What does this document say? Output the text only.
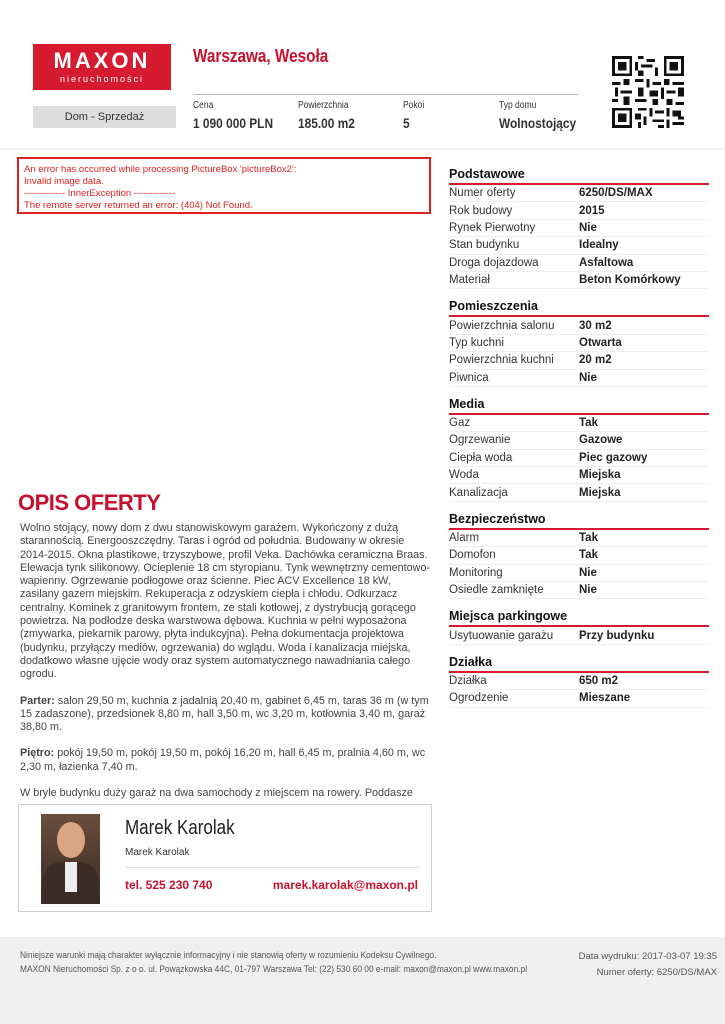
MAXON
nieruchomości
Warszawa, Wesoła
Dom - Sprzedaż
Cena
1 090 000 PLN
Powierzchnia
185.00 m2
Pokoi
5
Typ domu
Wolnostojący
An error has occurred while processing PictureBox 'pictureBox2':
Invalid image data.
------------- InnerException -------------
The remote server returned an error: (404) Not Found.
Podstawowe
Numer oferty	6250/DS/MAX
Rok budowy	2015
Rynek Pierwotny	Nie
Stan budynku	Idealny
Droga dojazdowa	Asfaltowa
Materiał	Beton Komórkowy
Pomieszczenia
Powierzchnia salonu	30 m2
Typ kuchni	Otwarta
Powierzchnia kuchni	20 m2
Piwnica	Nie
Media
Gaz	Tak
Ogrzewanie	Gazowe
Ciepła woda	Piec gazowy
Woda	Miejska
Kanalizacja	Miejska
Bezpieczeństwo
Alarm	Tak
Domofon	Tak
Monitoring	Nie
Osiedle zamknięte	Nie
Miejsca parkingowe
Usytuowanie garażu	Przy budynku
Działka
Działka	650 m2
Ogrodzenie	Mieszane
OPIS OFERTY

Wolno stojący, nowy dom z dwu stanowiskowym garażem. Wykończony z dużą starannością. Energooszczędny. Taras i ogród od południa. Budowany w okresie 2014-2015. Okna plastikowe, trzyszybowe, profil Veka. Dachówka ceramiczna Braas. Elewacja tynk silikonowy. Ocieplenie 18 cm styropianu. Tynk wewnętrzny cementowo-wapienny. Ogrzewanie podłogowe oraz ścienne. Piec ACV Excellence 18 kW, zasilany gazem miejskim. Rekuperacja z odzyskiem ciepła i chłodu. Odkurzacz centralny. Kominek z granitowym frontem, ze stali kotłowej, z dystrybucją gorącego powietrza. Na podłodze deska warstwowa dębowa. Kuchnia w pełni wyposażona (zmywarka, piekarnik parowy, płyta indukcyjna). Pełna dokumentacja projektowa (budynku, przyłączy mediów, ogrzewania) do wglądu. Woda i kanalizacja miejska, dodatkowo własne ujęcie wody oraz system automatycznego nawadniania całego ogrodu.

Parter: salon 29,50 m, kuchnia z jadalnią 20,40 m, gabinet 6,45 m, taras 36 m (w tym 15 zadaszone), przedsionek 8,80 m, hall 3,50 m, wc 3,20 m, kotłownia 3,40 m, garaż 38,80 m.

Piętro: pokój 19,50 m, pokój 19,50 m, pokój 16,20 m, hall 6,45 m, pralnia 4,60 m, wc 2,30 m, łazienka 7,40 m.

W bryle budynku duży garaż na dwa samochody z miejscem na rowery. Poddasze

Marek Karolak
Marek Karolak
tel. 525 230 740	marek.karolak@maxon.pl
Niniejsze warunki mają charakter wyłącznie informacyjny i nie stanowią oferty w rozumieniu Kodeksu Cywilnego.
MAXON Nieruchomości Sp. z o o. ul. Powązkowska 44C, 01-797 Warszawa Tel: (22) 530 60 00 e-mail: maxon@maxon.pl www.maxon.pl
Data wydruku: 2017-03-07 19:35
Numer oferty: 6250/DS/MAX
